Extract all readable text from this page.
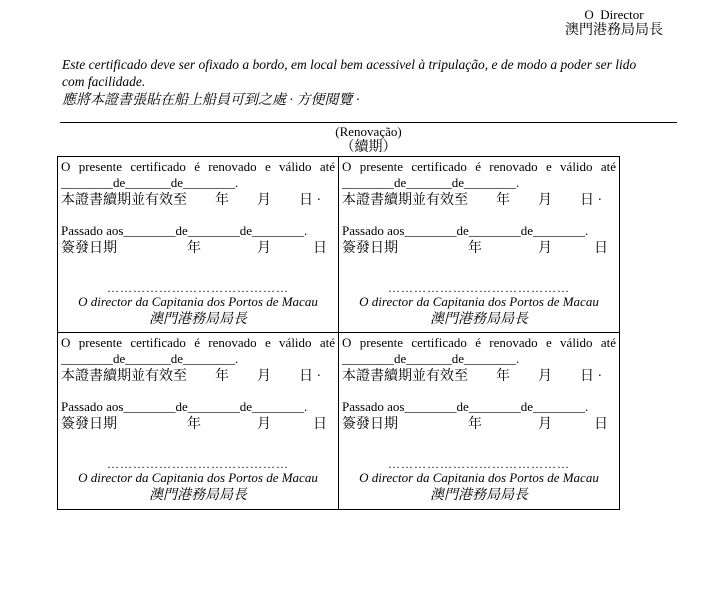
O  Director
澳門港務局局長
Este certificado deve ser ofixado a bordo, em local bem acessivel à tripulação, e de modo a poder ser lido com facilidade.
應將本證書張貼在船上船員可到之處 · 方便閱覽 ·
(Renovação)
（續期）
O presente certificado é renovado e válido até
________de_______de________.
本證書續期並有效至　　年　　月　　日 ·
Passado aos________de________de________.
簽發日期　　　　　年　　　　月　　　日
……………………………………
O director da Capitania dos Portos de Macau
澳門港務局局長
O presente certificado é renovado e válido até
________de_______de________.
本證書續期並有效至　　年　　月　　日 ·
Passado aos________de________de________.
簽發日期　　　　　年　　　　月　　　日
……………………………………
O director da Capitania dos Portos de Macau
澳門港務局局長
O presente certificado é renovado e válido até
________de_______de________.
本證書續期並有效至　　年　　月　　日 ·
Passado aos________de________de________.
簽發日期　　　　　年　　　　月　　　日
……………………………………
O director da Capitania dos Portos de Macau
澳門港務局局長
O presente certificado é renovado e válido até
________de_______de________.
本證書續期並有效至　　年　　月　　日 ·
Passado aos________de________de________.
簽發日期　　　　　年　　　　月　　　日
……………………………………
O director da Capitania dos Portos de Macau
澳門港務局局長
